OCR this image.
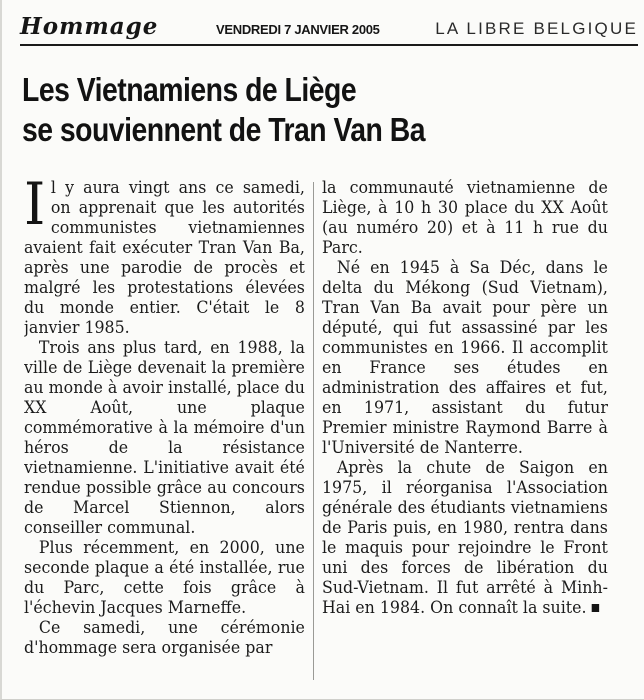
Hommage	VENDREDI 7 JANVIER 2005	LA LIBRE BELGIQUE
Les Vietnamiens de Liège
se souviennent de Tran Van Ba

Il y aura vingt ans ce samedi, on apprenait que les autorités communistes vietnamiennes avaient fait exécuter Tran Van Ba, après une parodie de procès et malgré les protestations élevées du monde entier. C'était le 8 janvier 1985.

Trois ans plus tard, en 1988, la ville de Liège devenait la première au monde à avoir installé, place du XX Août, une plaque commémorative à la mémoire d'un héros de la résistance vietnamienne. L'initiative avait été rendue possible grâce au concours de Marcel Stiennon, alors conseiller communal.

Plus récemment, en 2000, une seconde plaque a été installée, rue du Parc, cette fois grâce à l'échevin Jacques Marneffe.

Ce samedi, une cérémonie d'hommage sera organisée par

la communauté vietnamienne de Liège, à 10 h 30 place du XX Août (au numéro 20) et à 11 h rue du Parc.

Né en 1945 à Sa Déc, dans le delta du Mékong (Sud Vietnam), Tran Van Ba avait pour père un député, qui fut assassiné par les communistes en 1966. Il accomplit en France ses études en administration des affaires et fut, en 1971, assistant du futur Premier ministre Raymond Barre à l'Université de Nanterre.

Après la chute de Saigon en 1975, il réorganisa l'Association générale des étudiants vietnamiens de Paris puis, en 1980, rentra dans le maquis pour rejoindre le Front uni des forces de libération du Sud-Vietnam. Il fut arrêté à Minh-Hai en 1984. On connaît la suite.
